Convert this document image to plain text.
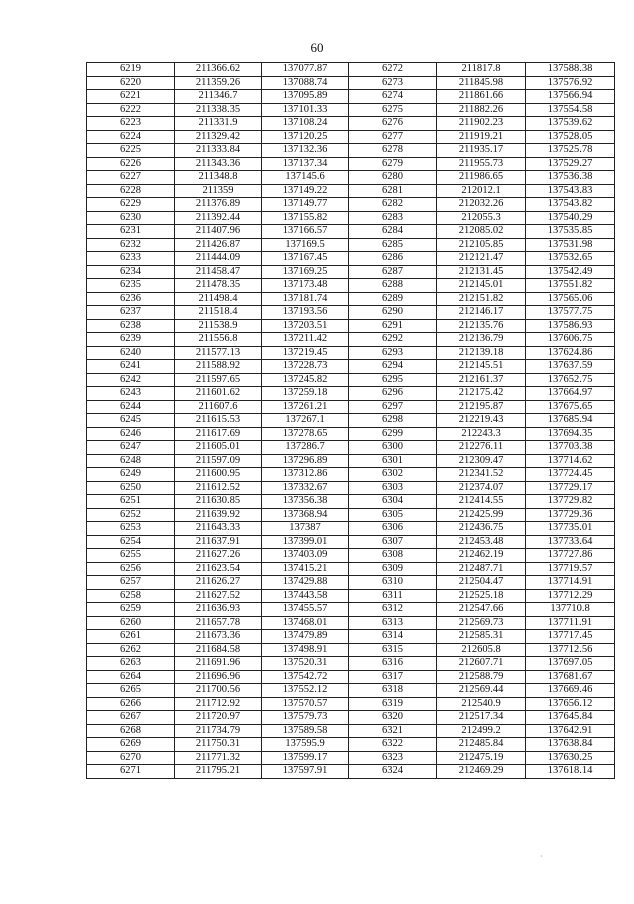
60
6219	211366.62	137077.87	6272	211817.8	137588.38
6220	211359.26	137088.74	6273	211845.98	137576.92
6221	211346.7	137095.89	6274	211861.66	137566.94
6222	211338.35	137101.33	6275	211882.26	137554.58
6223	211331.9	137108.24	6276	211902.23	137539.62
6224	211329.42	137120.25	6277	211919.21	137528.05
6225	211333.84	137132.36	6278	211935.17	137525.78
6226	211343.36	137137.34	6279	211955.73	137529.27
6227	211348.8	137145.6	6280	211986.65	137536.38
6228	211359	137149.22	6281	212012.1	137543.83
6229	211376.89	137149.77	6282	212032.26	137543.82
6230	211392.44	137155.82	6283	212055.3	137540.29
6231	211407.96	137166.57	6284	212085.02	137535.85
6232	211426.87	137169.5	6285	212105.85	137531.98
6233	211444.09	137167.45	6286	212121.47	137532.65
6234	211458.47	137169.25	6287	212131.45	137542.49
6235	211478.35	137173.48	6288	212145.01	137551.82
6236	211498.4	137181.74	6289	212151.82	137565.06
6237	211518.4	137193.56	6290	212146.17	137577.75
6238	211538.9	137203.51	6291	212135.76	137586.93
6239	211556.8	137211.42	6292	212136.79	137606.75
6240	211577.13	137219.45	6293	212139.18	137624.86
6241	211588.92	137228.73	6294	212145.51	137637.59
6242	211597.65	137245.82	6295	212161.37	137652.75
6243	211601.62	137259.18	6296	212175.42	137664.97
6244	211607.6	137261.21	6297	212195.87	137675.65
6245	211615.53	137267.1	6298	212219.43	137685.94
6246	211617.69	137278.65	6299	212243.3	137694.35
6247	211605.01	137286.7	6300	212276.11	137703.38
6248	211597.09	137296.89	6301	212309.47	137714.62
6249	211600.95	137312.86	6302	212341.52	137724.45
6250	211612.52	137332.67	6303	212374.07	137729.17
6251	211630.85	137356.38	6304	212414.55	137729.82
6252	211639.92	137368.94	6305	212425.99	137729.36
6253	211643.33	137387	6306	212436.75	137735.01
6254	211637.91	137399.01	6307	212453.48	137733.64
6255	211627.26	137403.09	6308	212462.19	137727.86
6256	211623.54	137415.21	6309	212487.71	137719.57
6257	211626.27	137429.88	6310	212504.47	137714.91
6258	211627.52	137443.58	6311	212525.18	137712.29
6259	211636.93	137455.57	6312	212547.66	137710.8
6260	211657.78	137468.01	6313	212569.73	137711.91
6261	211673.36	137479.89	6314	212585.31	137717.45
6262	211684.58	137498.91	6315	212605.8	137712.56
6263	211691.96	137520.31	6316	212607.71	137697.05
6264	211696.96	137542.72	6317	212588.79	137681.67
6265	211700.56	137552.12	6318	212569.44	137669.46
6266	211712.92	137570.57	6319	212540.9	137656.12
6267	211720.97	137579.73	6320	212517.34	137645.84
6268	211734.79	137589.58	6321	212499.2	137642.91
6269	211750.31	137595.9	6322	212485.84	137638.84
6270	211771.32	137599.17	6323	212475.19	137630.25
6271	211795.21	137597.91	6324	212469.29	137618.14
·
